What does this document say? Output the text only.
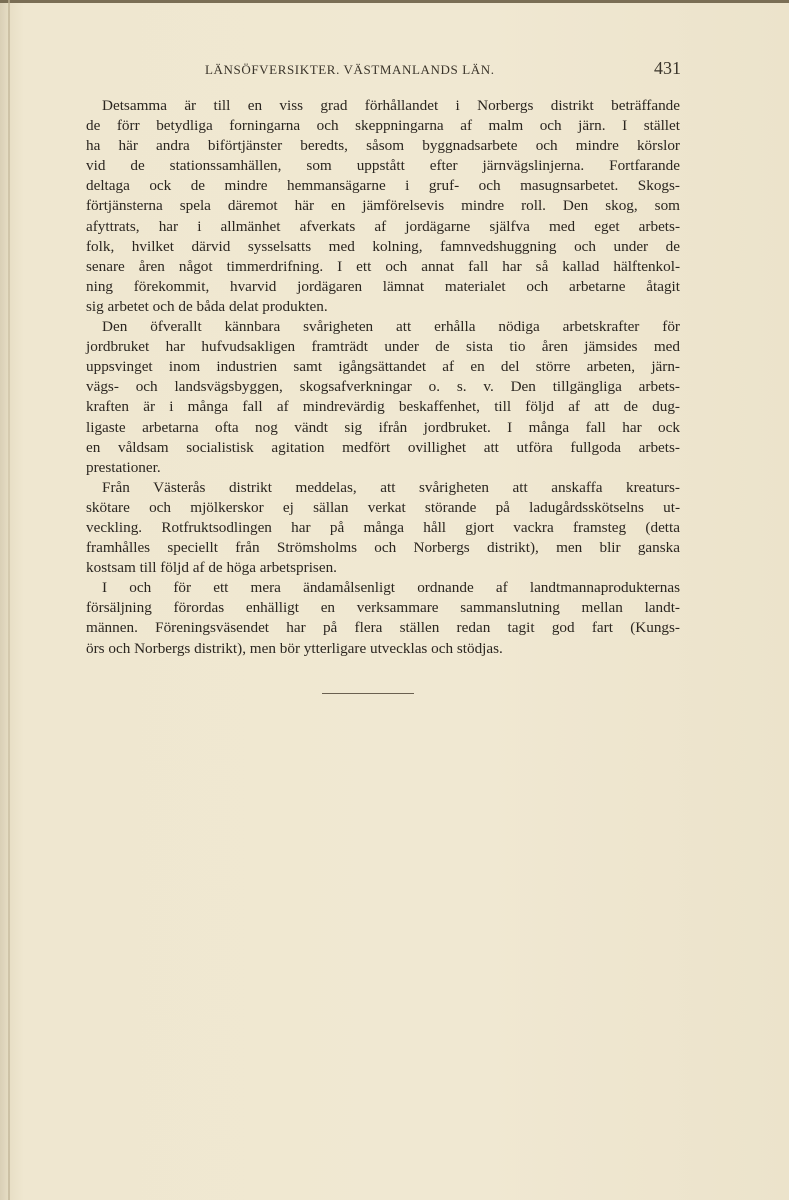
LÄNSÖFVERSIKTER. VÄSTMANLANDS LÄN.	431
Detsamma är till en viss grad förhållandet i Norbergs distrikt beträffande
de förr betydliga forningarna och skeppningarna af malm och järn. I stället
ha här andra biförtjänster beredts, såsom byggnadsarbete och mindre körslor
vid de stationssamhällen, som uppstått efter järnvägslinjerna. Fortfarande
deltaga ock de mindre hemmansägarne i gruf- och masugnsarbetet. Skogs-
förtjänsterna spela däremot här en jämförelsevis mindre roll. Den skog, som
afyttrats, har i allmänhet afverkats af jordägarne själfva med eget arbets-
folk, hvilket därvid sysselsatts med kolning, famnvedshuggning och under de
senare åren något timmerdrifning. I ett och annat fall har så kallad hälftenkol-
ning förekommit, hvarvid jordägaren lämnat materialet och arbetarne åtagit
sig arbetet och de båda delat produkten.
Den öfverallt kännbara svårigheten att erhålla nödiga arbetskrafter för
jordbruket har hufvudsakligen framträdt under de sista tio åren jämsides med
uppsvinget inom industrien samt igångsättandet af en del större arbeten, järn-
vägs- och landsvägsbyggen, skogsafverkningar o. s. v. Den tillgängliga arbets-
kraften är i många fall af mindrevärdig beskaffenhet, till följd af att de dug-
ligaste arbetarna ofta nog vändt sig ifrån jordbruket. I många fall har ock
en våldsam socialistisk agitation medfört ovillighet att utföra fullgoda arbets-
prestationer.
Från Västerås distrikt meddelas, att svårigheten att anskaffa kreaturs-
skötare och mjölkerskor ej sällan verkat störande på ladugårdsskötselns ut-
veckling. Rotfruktsodlingen har på många håll gjort vackra framsteg (detta
framhålles speciellt från Strömsholms och Norbergs distrikt), men blir ganska
kostsam till följd af de höga arbetsprisen.
I och för ett mera ändamålsenligt ordnande af landtmannaprodukternas
försäljning förordas enhälligt en verksammare sammanslutning mellan landt-
männen. Föreningsväsendet har på flera ställen redan tagit god fart (Kungs-
örs och Norbergs distrikt), men bör ytterligare utvecklas och stödjas.
